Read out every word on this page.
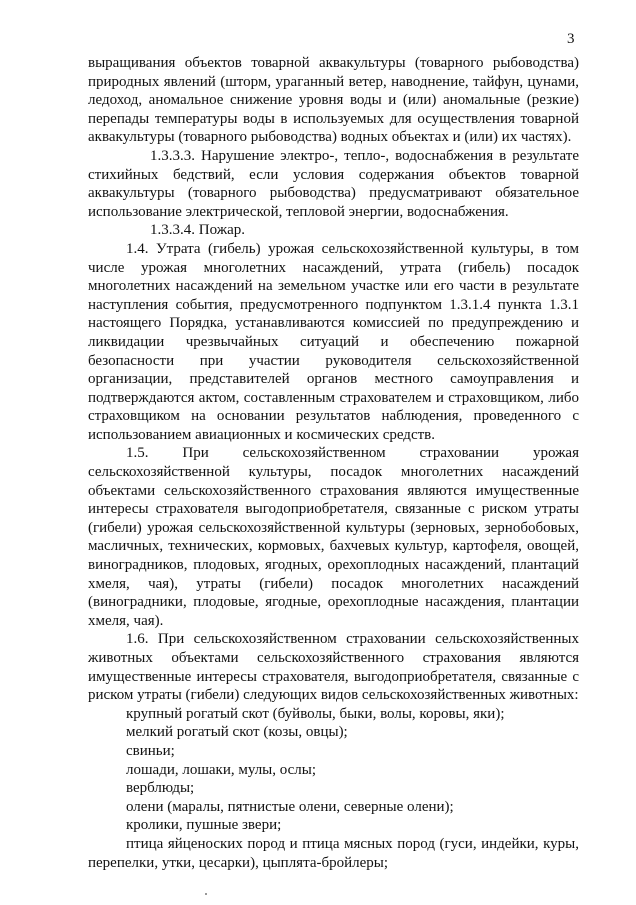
3

выращивания объектов товарной аквакультуры (товарного рыбоводства) природных явлений (шторм, ураганный ветер, наводнение, тайфун, цунами, ледоход, аномальное снижение уровня воды и (или) аномальные (резкие) перепады температуры воды в используемых для осуществления товарной аквакультуры (товарного рыбоводства) водных объектах и (или) их частях).

1.3.3.3. Нарушение электро-, тепло-, водоснабжения в результате стихийных бедствий, если условия содержания объектов товарной аквакультуры (товарного рыбоводства) предусматривают обязательное использование электрической, тепловой энергии, водоснабжения.

1.3.3.4. Пожар.

1.4. Утрата (гибель) урожая сельскохозяйственной культуры, в том числе урожая многолетних насаждений, утрата (гибель) посадок многолетних насаждений на земельном участке или его части в результате наступления события, предусмотренного подпунктом 1.3.1.4 пункта 1.3.1 настоящего Порядка, устанавливаются комиссией по предупреждению и ликвидации чрезвычайных ситуаций и обеспечению пожарной безопасности при участии руководителя сельскохозяйственной организации, представителей органов местного самоуправления и подтверждаются актом, составленным страхователем и страховщиком, либо страховщиком на основании результатов наблюдения, проведенного с использованием авиационных и космических средств.

1.5. При сельскохозяйственном страховании урожая сельскохозяйственной культуры, посадок многолетних насаждений объектами сельскохозяйственного страхования являются имущественные интересы страхователя выгодоприобретателя, связанные с риском утраты (гибели) урожая сельскохозяйственной культуры (зерновых, зернобобовых, масличных, технических, кормовых, бахчевых культур, картофеля, овощей, виноградников, плодовых, ягодных, орехоплодных насаждений, плантаций хмеля, чая), утраты (гибели) посадок многолетних насаждений (виноградники, плодовые, ягодные, орехоплодные насаждения, плантации хмеля, чая).

1.6. При сельскохозяйственном страховании сельскохозяйственных животных объектами сельскохозяйственного страхования являются имущественные интересы страхователя, выгодоприобретателя, связанные с риском утраты (гибели) следующих видов сельскохозяйственных животных:

крупный рогатый скот (буйволы, быки, волы, коровы, яки);
мелкий рогатый скот (козы, овцы);
свиньи;
лошади, лошаки, мулы, ослы;
верблюды;
олени (маралы, пятнистые олени, северные олени);
кролики, пушные звери;
птица яйценоских пород и птица мясных пород (гуси, индейки, куры, перепелки, утки, цесарки), цыплята-бройлеры;
